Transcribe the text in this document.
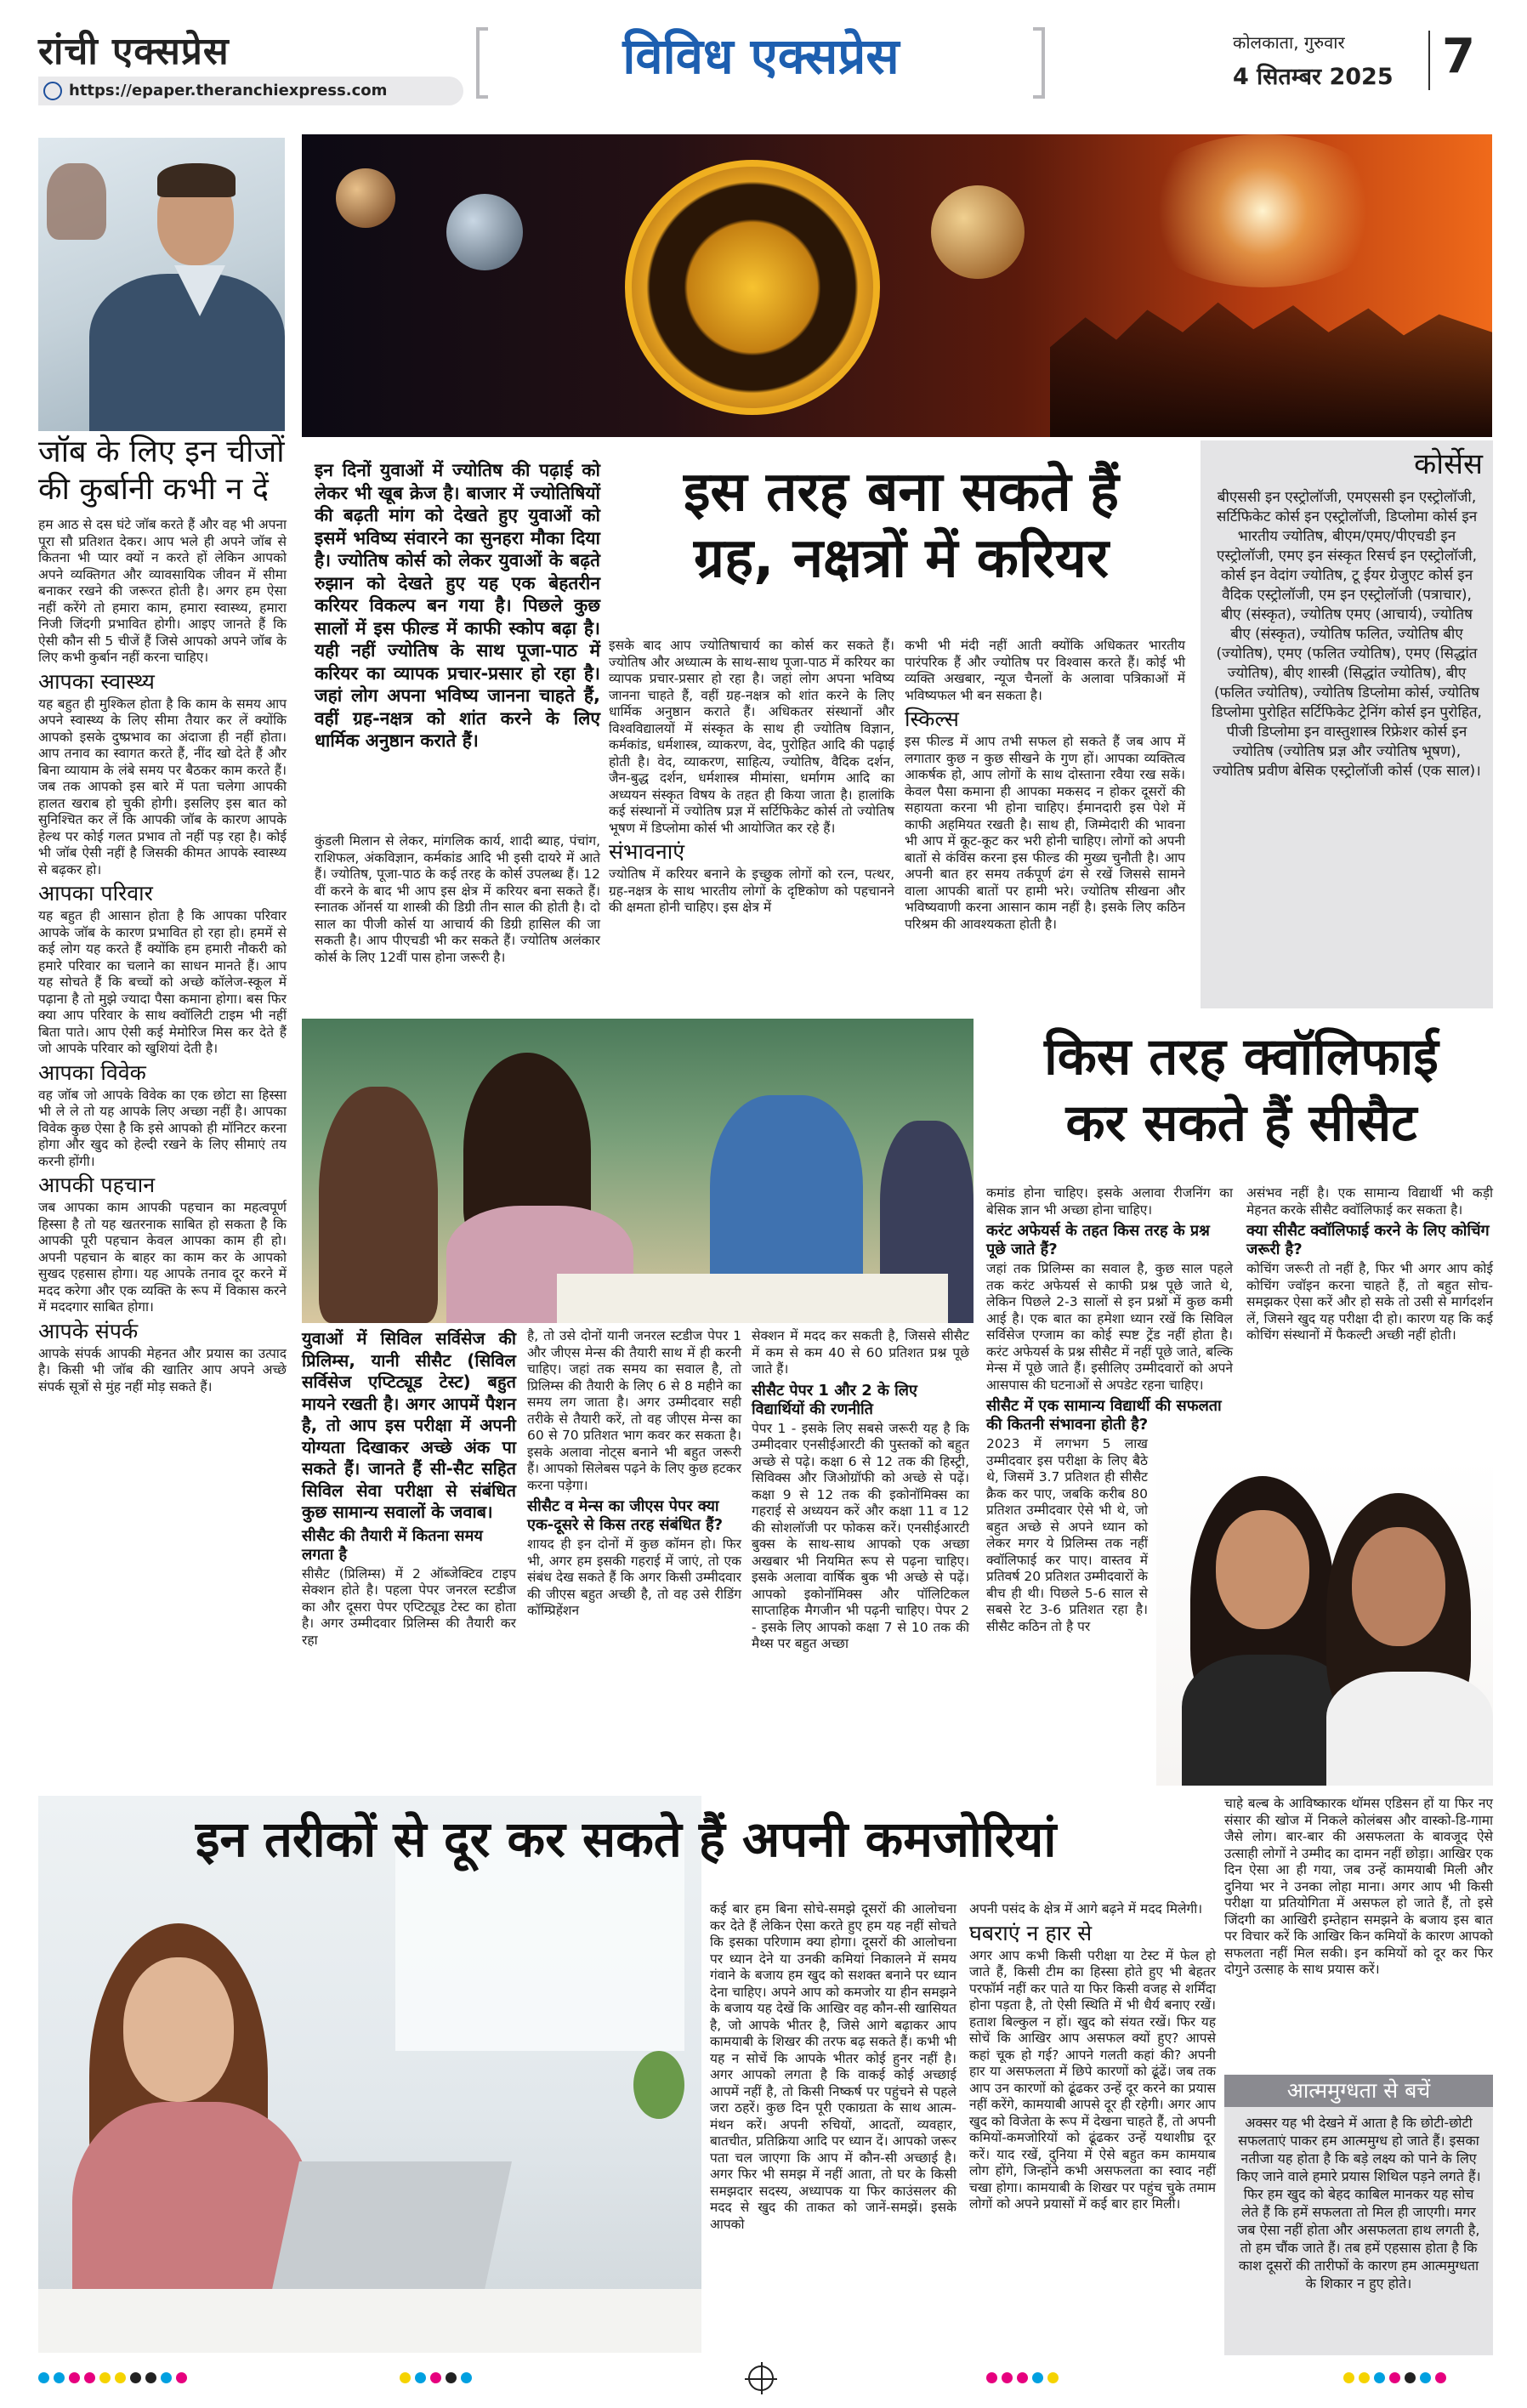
रांची एक्सप्रेस
https://epaper.theranchiexpress.com
विविध एक्सप्रेस	कोलकाता, गुरुवार
4 सितम्बर 2025 7
जॉब के लिए इन चीजों की कुर्बानी कभी न दें
हम आठ से दस घंटे जॉब करते हैं और वह भी अपना पूरा सौ प्रतिशत देकर। आप भले ही अपने जॉब से कितना भी प्यार क्यों न करते हों लेकिन आपको अपने व्यक्तिगत और व्यावसायिक जीवन में सीमा बनाकर रखने की जरूरत होती है। अगर हम ऐसा नहीं करेंगे तो हमारा काम, हमारा स्वास्थ्य, हमारा निजी जिंदगी प्रभावित होगी। आइए जानते हैं कि ऐसी कौन सी 5 चीजें हैं जिसे आपको अपने जॉब के लिए कभी कुर्बान नहीं करना चाहिए।
आपका स्वास्थ्य
यह बहुत ही मुश्किल होता है कि काम के समय आप अपने स्वास्थ्य के लिए सीमा तैयार कर लें क्योंकि आपको इसके दुष्प्रभाव का अंदाजा ही नहीं होता। आप तनाव का स्वागत करते हैं, नींद खो देते हैं और बिना व्यायाम के लंबे समय पर बैठकर काम करते हैं। जब तक आपको इस बारे में पता चलेगा आपकी हालत खराब हो चुकी होगी। इसलिए इस बात को सुनिश्चित कर लें कि आपकी जॉब के कारण आपके हेल्थ पर कोई गलत प्रभाव तो नहीं पड़ रहा है। कोई भी जॉब ऐसी नहीं है जिसकी कीमत आपके स्वास्थ्य से बढ़कर हो।
आपका परिवार
यह बहुत ही आसान होता है कि आपका परिवार आपके जॉब के कारण प्रभावित हो रहा हो। हममें से कई लोग यह करते हैं क्योंकि हम हमारी नौकरी को हमारे परिवार का चलाने का साधन मानते हैं। आप यह सोचते हैं कि बच्चों को अच्छे कॉलेज-स्कूल में पढ़ाना है तो मुझे ज्यादा पैसा कमाना होगा। बस फिर क्या आप परिवार के साथ क्वॉलिटी टाइम भी नहीं बिता पाते। आप ऐसी कई मेमोरिज मिस कर देते हैं जो आपके परिवार को खुशियां देती है।
आपका विवेक
वह जॉब जो आपके विवेक का एक छोटा सा हिस्सा भी ले ले तो यह आपके लिए अच्छा नहीं है। आपका विवेक कुछ ऐसा है कि इसे आपको ही मॉनिटर करना होगा और खुद को हेल्दी रखने के लिए सीमाएं तय करनी होंगी।
आपकी पहचान
जब आपका काम आपकी पहचान का महत्वपूर्ण हिस्सा है तो यह खतरनाक साबित हो सकता है कि आपकी पूरी पहचान केवल आपका काम ही हो। अपनी पहचान के बाहर का काम कर के आपको सुखद एहसास होगा। यह आपके तनाव दूर करने में मदद करेगा और एक व्यक्ति के रूप में विकास करने में मददगार साबित होगा।
आपके संपर्क
आपके संपर्क आपकी मेहनत और प्रयास का उत्पाद है। किसी भी जॉब की खातिर आप अपने अच्छे संपर्क सूत्रों से मुंह नहीं मोड़ सकते हैं।
इन दिनों युवाओं में ज्योतिष की पढ़ाई को लेकर भी खूब क्रेज है। बाजार में ज्योतिषियों की बढ़ती मांग को देखते हुए युवाओं को इसमें भविष्य संवारने का सुनहरा मौका दिया है। ज्योतिष कोर्स को लेकर युवाओं के बढ़ते रुझान को देखते हुए यह एक बेहतरीन करियर विकल्प बन गया है। पिछले कुछ सालों में इस फील्ड में काफी स्कोप बढ़ा है। यही नहीं ज्योतिष के साथ पूजा-पाठ में करियर का व्यापक प्रचार-प्रसार हो रहा है। जहां लोग अपना भविष्य जानना चाहते हैं, वहीं ग्रह-नक्षत्र को शांत करने के लिए धार्मिक अनुष्ठान कराते हैं।
इस तरह बना सकते हैं
ग्रह, नक्षत्रों में करियर
कुंडली मिलान से लेकर, मांगलिक कार्य, शादी ब्याह, पंचांग, राशिफल, अंकविज्ञान, कर्मकांड आदि भी इसी दायरे में आते हैं। ज्योतिष, पूजा-पाठ के कई तरह के कोर्स उपलब्ध हैं। 12 वीं करने के बाद भी आप इस क्षेत्र में करियर बना सकते हैं। स्नातक ऑनर्स या शास्त्री की डिग्री तीन साल की होती है। दो साल का पीजी कोर्स या आचार्य की डिग्री हासिल की जा सकती है। आप पीएचडी भी कर सकते हैं। ज्योतिष अलंकार कोर्स के लिए 12वीं पास होना जरूरी है।
इसके बाद आप ज्योतिषाचार्य का कोर्स कर सकते हैं। ज्योतिष और अध्यात्म के साथ-साथ पूजा-पाठ में करियर का व्यापक प्रचार-प्रसार हो रहा है। जहां लोग अपना भविष्य जानना चाहते हैं, वहीं ग्रह-नक्षत्र को शांत करने के लिए धार्मिक अनुष्ठान कराते हैं। अधिकतर संस्थानों और विश्वविद्यालयों में संस्कृत के साथ ही ज्योतिष विज्ञान, कर्मकांड, धर्मशास्त्र, व्याकरण, वेद, पुरोहित आदि की पढ़ाई होती है। वेद, व्याकरण, साहित्य, ज्योतिष, वैदिक दर्शन, जैन-बुद्ध दर्शन, धर्मशास्त्र मीमांसा, धर्मागम आदि का अध्ययन संस्कृत विषय के तहत ही किया जाता है। हालांकि कई संस्थानों में ज्योतिष प्रज्ञ में सर्टिफिकेट कोर्स तो ज्योतिष भूषण में डिप्लोमा कोर्स भी आयोजित कर रहे हैं।
संभावनाएं
ज्योतिष में करियर बनाने के इच्छुक लोगों को रत्न, पत्थर, ग्रह-नक्षत्र के साथ भारतीय लोगों के दृष्टिकोण को पहचानने की क्षमता होनी चाहिए। इस क्षेत्र में
कभी भी मंदी नहीं आती क्योंकि अधिकतर भारतीय पारंपरिक हैं और ज्योतिष पर विश्वास करते हैं। कोई भी व्यक्ति अखबार, न्यूज चैनलों के अलावा पत्रिकाओं में भविष्यफल भी बन सकता है।
स्किल्स
इस फील्ड में आप तभी सफल हो सकते हैं जब आप में लगातार कुछ न कुछ सीखने के गुण हों। आपका व्यक्तित्व आकर्षक हो, आप लोगों के साथ दोस्ताना रवैया रख सकें। केवल पैसा कमाना ही आपका मकसद न होकर दूसरों की सहायता करना भी होना चाहिए। ईमानदारी इस पेशे में काफी अहमियत रखती है। साथ ही, जिम्मेदारी की भावना भी आप में कूट-कूट कर भरी होनी चाहिए। लोगों को अपनी बातों से कंविंस करना इस फील्ड की मुख्य चुनौती है। आप अपनी बात हर समय तर्कपूर्ण ढंग से रखें जिससे सामने वाला आपकी बातों पर हामी भरे। ज्योतिष सीखना और भविष्यवाणी करना आसान काम नहीं है। इसके लिए कठिन परिश्रम की आवश्यकता होती है।
कोर्सेस
बीएससी इन एस्ट्रोलॉजी, एमएससी इन एस्ट्रोलॉजी, सर्टिफिकेट कोर्स इन एस्ट्रोलॉजी, डिप्लोमा कोर्स इन भारतीय ज्योतिष, बीएम/एमए/पीएचडी इन एस्ट्रोलॉजी, एमए इन संस्कृत रिसर्च इन एस्ट्रोलॉजी, कोर्स इन वेदांग ज्योतिष, टू ईयर ग्रेजुएट कोर्स इन वैदिक एस्ट्रोलॉजी, एम इन एस्ट्रोलॉजी (पत्राचार), बीए (संस्कृत), ज्योतिष एमए (आचार्य), ज्योतिष बीए (संस्कृत), ज्योतिष फलित, ज्योतिष बीए (ज्योतिष), एमए (फलित ज्योतिष), एमए (सिद्धांत ज्योतिष), बीए शास्त्री (सिद्धांत ज्योतिष), बीए (फलित ज्योतिष), ज्योतिष डिप्लोमा कोर्स, ज्योतिष डिप्लोमा पुरोहित सर्टिफिकेट ट्रेनिंग कोर्स इन पुरोहित, पीजी डिप्लोमा इन वास्तुशास्त्र रिफ्रेशर कोर्स इन ज्योतिष (ज्योतिष प्रज्ञ और ज्योतिष भूषण), ज्योतिष प्रवीण बेसिक एस्ट्रोलॉजी कोर्स (एक साल)।
किस तरह क्वॉलिफाई
कर सकते हैं सीसैट
युवाओं में सिविल सर्विसेज की प्रिलिम्स, यानी सीसैट (सिविल सर्विसेज एप्टिट्यूड टेस्ट) बहुत मायने रखती है। अगर आपमें पैशन है, तो आप इस परीक्षा में अपनी योग्यता दिखाकर अच्छे अंक पा सकते हैं। जानते हैं सी-सैट सहित सिविल सेवा परीक्षा से संबंधित कुछ सामान्य सवालों के जवाब।
सीसैट की तैयारी में कितना समय लगता है
सीसैट (प्रिलिम्स) में 2 ऑब्जेक्टिव टाइप सेक्शन होते है। पहला पेपर जनरल स्टडीज का और दूसरा पेपर एप्टिट्यूड टेस्ट का होता है। अगर उम्मीदवार प्रिलिम्स की तैयारी कर रहा
है, तो उसे दोनों यानी जनरल स्टडीज पेपर 1 और जीएस मेन्स की तैयारी साथ में ही करनी चाहिए। जहां तक समय का सवाल है, तो प्रिलिम्स की तैयारी के लिए 6 से 8 महीने का समय लग जाता है। अगर उम्मीदवार सही तरीके से तैयारी करें, तो वह जीएस मेन्स का 60 से 70 प्रतिशत भाग कवर कर सकता है। इसके अलावा नोट्स बनाने भी बहुत जरूरी हैं। आपको सिलेबस पढ़ने के लिए कुछ हटकर करना पड़ेगा।
सीसैट व मेन्स का जीएस पेपर क्या एक-दूसरे से किस तरह संबंधित हैं?
शायद ही इन दोनों में कुछ कॉमन हो। फिर भी, अगर हम इसकी गहराई में जाएं, तो एक संबंध देख सकते हैं कि अगर किसी उम्मीदवार की जीएस बहुत अच्छी है, तो वह उसे रीडिंग कॉम्प्रिहेंशन
सेक्शन में मदद कर सकती है, जिससे सीसैट में कम से कम 40 से 60 प्रतिशत प्रश्न पूछे जाते हैं।
सीसैट पेपर 1 और 2 के लिए विद्यार्थियों की रणनीति
पेपर 1 - इसके लिए सबसे जरूरी यह है कि उम्मीदवार एनसीईआरटी की पुस्तकों को बहुत अच्छे से पढ़े। कक्षा 6 से 12 तक की हिस्ट्री, सिविक्स और जिओग्रॉफी को अच्छे से पढ़ें। कक्षा 9 से 12 तक की इकोनॉमिक्स का गहराई से अध्ययन करें और कक्षा 11 व 12 की सोशलॉजी पर फोकस करें। एनसीईआरटी बुक्स के साथ-साथ आपको एक अच्छा अखबार भी नियमित रूप से पढ़ना चाहिए। इसके अलावा वार्षिक बुक भी अच्छे से पढ़ें। आपको इकोनॉमिक्स और पॉलिटिकल साप्ताहिक मैगजीन भी पढ़नी चाहिए। पेपर 2 - इसके लिए आपको कक्षा 7 से 10 तक की मैथ्स पर बहुत अच्छा
कमांड होना चाहिए। इसके अलावा रीजनिंग का बेसिक ज्ञान भी अच्छा होना चाहिए।
करंट अफेयर्स के तहत किस तरह के प्रश्न पूछे जाते हैं?
जहां तक प्रिलिम्स का सवाल है, कुछ साल पहले तक करंट अफेयर्स से काफी प्रश्न पूछे जाते थे, लेकिन पिछले 2-3 सालों से इन प्रश्नों में कुछ कमी आई है। एक बात का हमेशा ध्यान रखें कि सिविल सर्विसेज एग्जाम का कोई स्पष्ट ट्रेंड नहीं होता है। करंट अफेयर्स के प्रश्न सीसैट में नहीं पूछे जाते, बल्कि मेन्स में पूछे जाते हैं। इसीलिए उम्मीदवारों को अपने आसपास की घटनाओं से अपडेट रहना चाहिए।
सीसैट में एक सामान्य विद्यार्थी की सफलता की कितनी संभावना होती है?
2023 में लगभग 5 लाख उम्मीदवार इस परीक्षा के लिए बैठे थे, जिसमें 3.7 प्रतिशत ही सीसैट क्रैक कर पाए, जबकि करीब 80 प्रतिशत उम्मीदवार ऐसे भी थे, जो बहुत अच्छे से अपने ध्यान को लेकर मगर ये प्रिलिम्स तक नहीं क्वॉलिफाई कर पाए। वास्तव में प्रतिवर्ष 20 प्रतिशत उम्मीदवारों के बीच ही थी। पिछले 5-6 साल से सबसे रेट 3-6 प्रतिशत रहा है। सीसैट कठिन तो है पर
असंभव नहीं है। एक सामान्य विद्यार्थी भी कड़ी मेहनत करके सीसैट क्वॉलिफाई कर सकता है।
क्या सीसैट क्वॉलिफाई करने के लिए कोचिंग जरूरी है?
कोचिंग जरूरी तो नहीं है, फिर भी अगर आप कोई कोचिंग ज्वॉइन करना चाहते हैं, तो बहुत सोच-समझकर ऐसा करें और हो सके तो उसी से मार्गदर्शन लें, जिसने खुद यह परीक्षा दी हो। कारण यह कि कई कोचिंग संस्थानों में फैकल्टी अच्छी नहीं होती।
इन तरीकों से दूर कर सकते हैं अपनी कमजोरियां
कई बार हम बिना सोचे-समझे दूसरों की आलोचना कर देते हैं लेकिन ऐसा करते हुए हम यह नहीं सोचते कि इसका परिणाम क्या होगा। दूसरों की आलोचना पर ध्यान देने या उनकी कमियां निकालने में समय गंवाने के बजाय हम खुद को सशक्त बनाने पर ध्यान देना चाहिए। अपने आप को कमजोर या हीन समझने के बजाय यह देखें कि आखिर वह कौन-सी खासियत है, जो आपके भीतर है, जिसे आगे बढ़ाकर आप कामयाबी के शिखर की तरफ बढ़ सकते हैं। कभी भी यह न सोचें कि आपके भीतर कोई हुनर नहीं है। अगर आपको लगता है कि वाकई कोई अच्छाई आपमें नहीं है, तो किसी निष्कर्ष पर पहुंचने से पहले जरा ठहरें। कुछ दिन पूरी एकाग्रता के साथ आत्म-मंथन करें। अपनी रुचियों, आदतों, व्यवहार, बातचीत, प्रतिक्रिया आदि पर ध्यान दें। आपको जरूर पता चल जाएगा कि आप में कौन-सी अच्छाई है। अगर फिर भी समझ में नहीं आता, तो घर के किसी समझदार सदस्य, अध्यापक या फिर काउंसलर की मदद से खुद की ताकत को जानें-समझें। इसके आपको
अपनी पसंद के क्षेत्र में आगे बढ़ने में मदद मिलेगी।
घबराएं न हार से
अगर आप कभी किसी परीक्षा या टेस्ट में फेल हो जाते हैं, किसी टीम का हिस्सा होते हुए भी बेहतर परफॉर्म नहीं कर पाते या फिर किसी वजह से शर्मिंदा होना पड़ता है, तो ऐसी स्थिति में भी धैर्य बनाए रखें। हताश बिल्कुल न हों। खुद को संयत रखें। फिर यह सोचें कि आखिर आप असफल क्यों हुए? आपसे कहां चूक हो गई? आपने गलती कहां की? अपनी हार या असफलता में छिपे कारणों को ढूंढें। जब तक आप उन कारणों को ढूंढकर उन्हें दूर करने का प्रयास नहीं करेंगे, कामयाबी आपसे दूर ही रहेगी। अगर आप खुद को विजेता के रूप में देखना चाहते हैं, तो अपनी कमियों-कमजोरियों को ढूंढकर उन्हें यथाशीघ्र दूर करें। याद रखें, दुनिया में ऐसे बहुत कम कामयाब लोग होंगे, जिन्होंने कभी असफलता का स्वाद नहीं चखा होगा। कामयाबी के शिखर पर पहुंच चुके तमाम लोगों को अपने प्रयासों में कई बार हार मिली।
चाहे बल्ब के आविष्कारक थॉमस एडिसन हों या फिर नए संसार की खोज में निकले कोलंबस और वास्को-डि-गामा जैसे लोग। बार-बार की असफलता के बावजूद ऐसे उत्साही लोगों ने उम्मीद का दामन नहीं छोड़ा। आखिर एक दिन ऐसा आ ही गया, जब उन्हें कामयाबी मिली और दुनिया भर ने उनका लोहा माना। अगर आप भी किसी परीक्षा या प्रतियोगिता में असफल हो जाते हैं, तो इसे जिंदगी का आखिरी इम्तेहान समझने के बजाय इस बात पर विचार करें कि आखिर किन कमियों के कारण आपको सफलता नहीं मिल सकी। इन कमियों को दूर कर फिर दोगुने उत्साह के साथ प्रयास करें।
आत्ममुग्धता से बचें
अक्सर यह भी देखने में आता है कि छोटी-छोटी सफलताएं पाकर हम आत्ममुग्ध हो जाते हैं। इसका नतीजा यह होता है कि बड़े लक्ष्य को पाने के लिए किए जाने वाले हमारे प्रयास शिथिल पड़ने लगते हैं। फिर हम खुद को बेहद काबिल मानकर यह सोच लेते हैं कि हमें सफलता तो मिल ही जाएगी। मगर जब ऐसा नहीं होता और असफलता हाथ लगती है, तो हम चौंक जाते हैं। तब हमें एहसास होता है कि काश दूसरों की तारीफों के कारण हम आत्ममुग्धता के शिकार न हुए होते।
